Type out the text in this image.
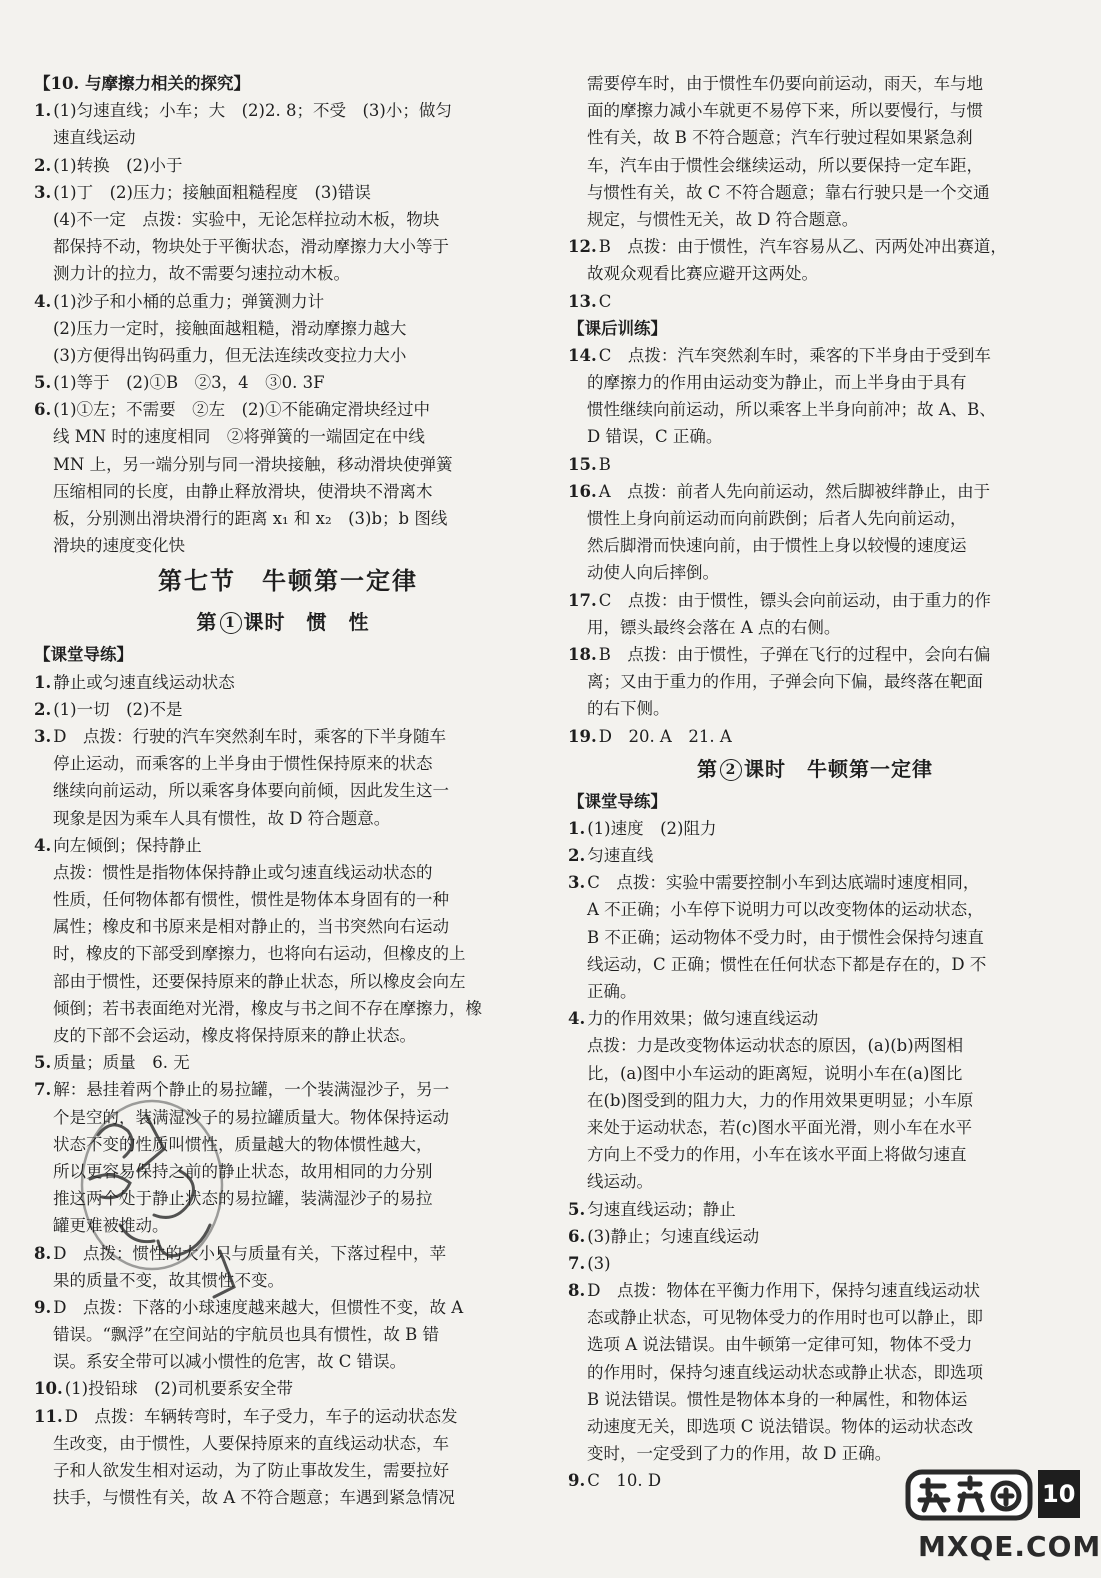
【10. 与摩擦力相关的探究】
1. (1)匀速直线；小车；大　(2)2. 8；不受　(3)小；做匀
速直线运动
2. (1)转换　(2)小于
3. (1)丁　(2)压力；接触面粗糙程度　(3)错误
(4)不一定　点拨：实验中，无论怎样拉动木板，物块
都保持不动，物块处于平衡状态，滑动摩擦力大小等于
测力计的拉力，故不需要匀速拉动木板。
4. (1)沙子和小桶的总重力；弹簧测力计
(2)压力一定时，接触面越粗糙，滑动摩擦力越大
(3)方便得出钩码重力，但无法连续改变拉力大小
5. (1)等于　(2)①B　②3，4　③0. 3F
6. (1)①左；不需要　②左　(2)①不能确定滑块经过中
线 MN 时的速度相同　②将弹簧的一端固定在中线
MN 上，另一端分别与同一滑块接触，移动滑块使弹簧
压缩相同的长度，由静止释放滑块，使滑块不滑离木
板，分别测出滑块滑行的距离 x₁ 和 x₂　(3)b；b 图线
滑块的速度变化快
第七节　牛顿第一定律
第 1 课时　惯　性
【课堂导练】
1. 静止或匀速直线运动状态
2. (1)一切　(2)不是
3. D　点拨：行驶的汽车突然刹车时，乘客的下半身随车
停止运动，而乘客的上半身由于惯性保持原来的状态
继续向前运动，所以乘客身体要向前倾，因此发生这一
现象是因为乘车人具有惯性，故 D 符合题意。
4. 向左倾倒；保持静止
点拨：惯性是指物体保持静止或匀速直线运动状态的
性质，任何物体都有惯性，惯性是物体本身固有的一种
属性；橡皮和书原来是相对静止的，当书突然向右运动
时，橡皮的下部受到摩擦力，也将向右运动，但橡皮的上
部由于惯性，还要保持原来的静止状态，所以橡皮会向左
倾倒；若书表面绝对光滑，橡皮与书之间不存在摩擦力，橡
皮的下部不会运动，橡皮将保持原来的静止状态。
5. 质量；质量　6. 无
7. 解：悬挂着两个静止的易拉罐，一个装满湿沙子，另一
个是空的，装满湿沙子的易拉罐质量大。物体保持运动
状态不变的性质叫惯性，质量越大的物体惯性越大，
所以更容易保持之前的静止状态，故用相同的力分别
推这两个处于静止状态的易拉罐，装满湿沙子的易拉
罐更难被推动。
8. D　点拨：惯性的大小只与质量有关，下落过程中，苹
果的质量不变，故其惯性不变。
9. D　点拨：下落的小球速度越来越大，但惯性不变，故 A
错误。“飘浮”在空间站的宇航员也具有惯性，故 B 错
误。系安全带可以减小惯性的危害，故 C 错误。
10. (1)投铅球　(2)司机要系安全带
11. D　点拨：车辆转弯时，车子受力，车子的运动状态发
生改变，由于惯性，人要保持原来的直线运动状态，车
子和人欲发生相对运动，为了防止事故发生，需要拉好
扶手，与惯性有关，故 A 不符合题意；车遇到紧急情况
需要停车时，由于惯性车仍要向前运动，雨天，车与地
面的摩擦力减小车就更不易停下来，所以要慢行，与惯
性有关，故 B 不符合题意；汽车行驶过程如果紧急刹
车，汽车由于惯性会继续运动，所以要保持一定车距，
与惯性有关，故 C 不符合题意；靠右行驶只是一个交通
规定，与惯性无关，故 D 符合题意。
12. B　点拨：由于惯性，汽车容易从乙、丙两处冲出赛道，
故观众观看比赛应避开这两处。
13. C
【课后训练】
14. C　点拨：汽车突然刹车时，乘客的下半身由于受到车
的摩擦力的作用由运动变为静止，而上半身由于具有
惯性继续向前运动，所以乘客上半身向前冲；故 A、B、
D 错误，C 正确。
15. B
16. A　点拨：前者人先向前运动，然后脚被绊静止，由于
惯性上身向前运动而向前跌倒；后者人先向前运动，
然后脚滑而快速向前，由于惯性上身以较慢的速度运
动使人向后摔倒。
17. C　点拨：由于惯性，镖头会向前运动，由于重力的作
用，镖头最终会落在 A 点的右侧。
18. B　点拨：由于惯性，子弹在飞行的过程中，会向右偏
离；又由于重力的作用，子弹会向下偏，最终落在靶面
的右下侧。
19. D　20. A　21. A
第 2 课时　牛顿第一定律
【课堂导练】
1. (1)速度　(2)阻力
2. 匀速直线
3. C　点拨：实验中需要控制小车到达底端时速度相同，
A 不正确；小车停下说明力可以改变物体的运动状态，
B 不正确；运动物体不受力时，由于惯性会保持匀速直
线运动，C 正确；惯性在任何状态下都是存在的，D 不
正确。
4. 力的作用效果；做匀速直线运动
点拨：力是改变物体运动状态的原因，(a)(b)两图相
比，(a)图中小车运动的距离短，说明小车在(a)图比
在(b)图受到的阻力大，力的作用效果更明显；小车原
来处于运动状态，若(c)图水平面光滑，则小车在水平
方向上不受力的作用，小车在该水平面上将做匀速直
线运动。
5. 匀速直线运动；静止
6. (3)静止；匀速直线运动
7. (3)
8. D　点拨：物体在平衡力作用下，保持匀速直线运动状
态或静止状态，可见物体受力的作用时也可以静止，即
选项 A 说法错误。由牛顿第一定律可知，物体不受力
的作用时，保持匀速直线运动状态或静止状态，即选项
B 说法错误。惯性是物体本身的一种属性，和物体运
动速度无关，即选项 C 说法错误。物体的运动状态改
变时，一定受到了力的作用，故 D 正确。
9. C　10. D	10
MXQE.COM
